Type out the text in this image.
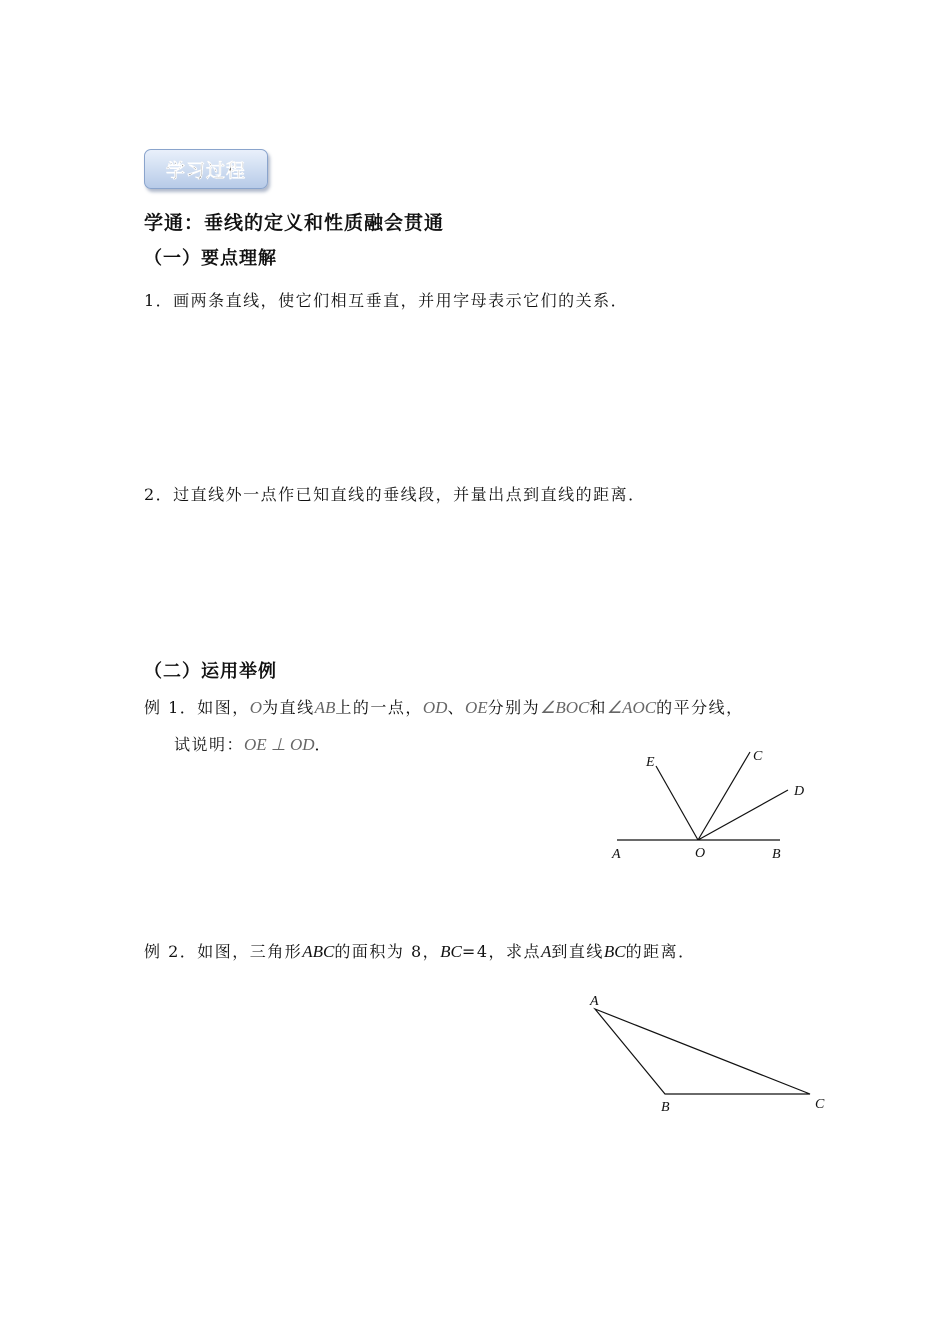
学习过程
学通：垂线的定义和性质融会贯通
（一）要点理解
1．画两条直线，使它们相互垂直，并用字母表示它们的关系．
2．过直线外一点作已知直线的垂线段，并量出点到直线的距离．
（二）运用举例
例 1．如图，O为直线AB上的一点，OD、OE分别为∠BOC和∠AOC的平分线，
试说明：OE ⊥ OD．
A	O	B
E	C
D
例 2．如图，三角形ABC的面积为 8，BC=4，求点A到直线BC的距离．
A
B	C
